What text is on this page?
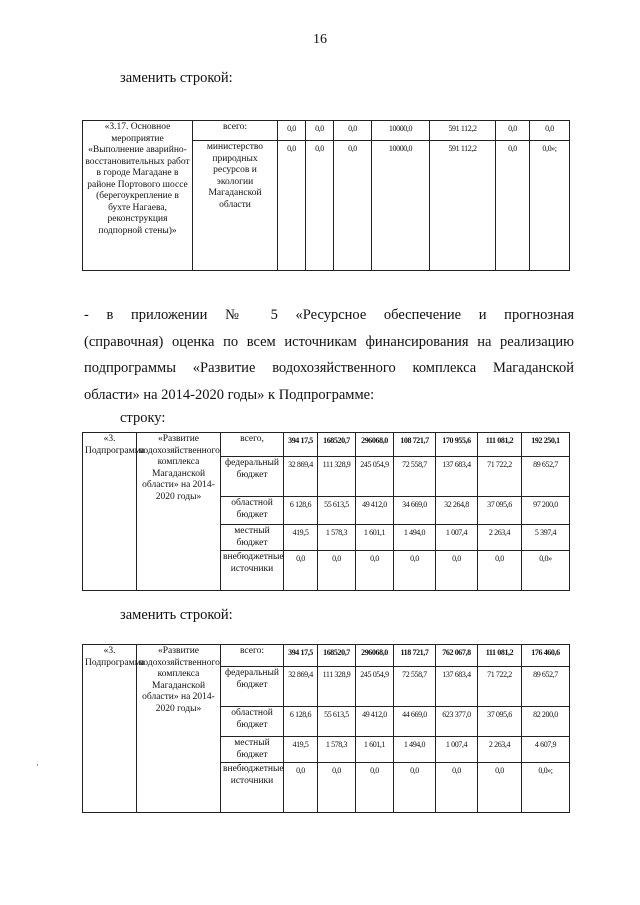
16
заменить строкой:
«3.17. Основное мероприятие «Выполнение аварийно-восстановительных работ в городе Магадане в районе Портового шоссе (берегоукрепление в бухте Нагаева, реконструкция подпорной стены)»	всего:	0,0	0,0	0,0	10000,0	591 112,2	0,0	0,0
	министерство природных ресурсов и экологии Магаданской области	0,0	0,0	0,0	10000,0	591 112,2	0,0	0,0»;
- в приложении № 5 «Ресурсное обеспечение и прогнозная
(справочная) оценка по всем источникам финансирования на реализацию
подпрограммы «Развитие водохозяйственного комплекса Магаданской
области» на 2014-2020 годы» к Подпрограмме:
строку:
«3. Подпрограмма	«Развитие водохозяйственного комплекса Магаданской области» на 2014-2020 годы»	всего,	394 17,5	168520,7	296068,0	108 721,7	170 955,6	111 081,2	192 250,1
		федеральный бюджет	32 869,4	111 328,9	245 054,9	72 558,7	137 683,4	71 722,2	89 652,7
		областной бюджет	6 128,6	55 613,5	49 412,0	34 669,0	32 264,8	37 095,6	97 200,0
		местный бюджет	419,5	1 578,3	1 601,1	1 494,0	1 007,4	2 263,4	5 397,4
		внебюджетные источники	0,0	0,0	0,0	0,0	0,0	0,0	0,0»
заменить строкой:
«3. Подпрограмма	«Развитие водохозяйственного комплекса Магаданской области» на 2014-2020 годы»	всего:	394 17,5	168520,7	296068,0	118 721,7	762 067,8	111 081,2	176 460,6
		федеральный бюджет	32 869,4	111 328,9	245 054,9	72 558,7	137 683,4	71 722,2	89 652,7
		областной бюджет	6 128,6	55 613,5	49 412,0	44 669,0	623 377,0	37 095,6	82 200,0
		местный бюджет	419,5	1 578,3	1 601,1	1 494,0	1 007,4	2 263,4	4 607,9
		внебюджетные источники	0,0	0,0	0,0	0,0	0,0	0,0	0,0»;
·
